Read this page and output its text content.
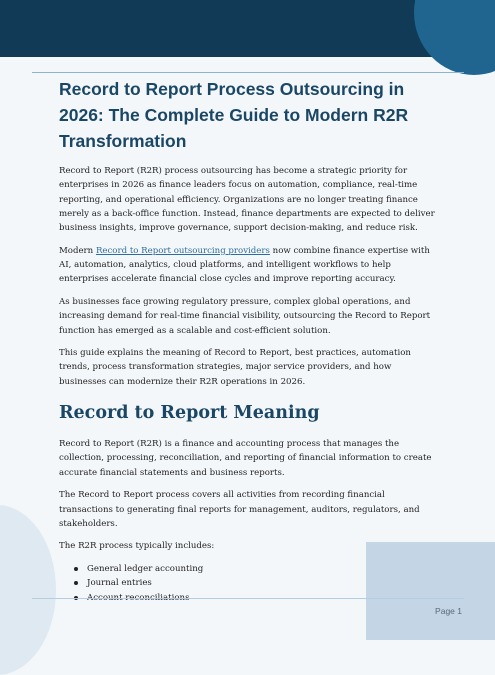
Record to Report Process Outsourcing in 2026: The Complete Guide to Modern R2R Transformation

Record to Report (R2R) process outsourcing has become a strategic priority for enterprises in 2026 as finance leaders focus on automation, compliance, real-time reporting, and operational efficiency. Organizations are no longer treating finance merely as a back-office function. Instead, finance departments are expected to deliver business insights, improve governance, support decision-making, and reduce risk.

Modern Record to Report outsourcing providers now combine finance expertise with AI, automation, analytics, cloud platforms, and intelligent workflows to help enterprises accelerate financial close cycles and improve reporting accuracy.

As businesses face growing regulatory pressure, complex global operations, and increasing demand for real-time financial visibility, outsourcing the Record to Report function has emerged as a scalable and cost-efficient solution.

This guide explains the meaning of Record to Report, best practices, automation trends, process transformation strategies, major service providers, and how businesses can modernize their R2R operations in 2026.

Record to Report Meaning

Record to Report (R2R) is a finance and accounting process that manages the collection, processing, reconciliation, and reporting of financial information to create accurate financial statements and business reports.

The Record to Report process covers all activities from recording financial transactions to generating final reports for management, auditors, regulators, and stakeholders.

The R2R process typically includes:

General ledger accounting
Journal entries
Page 1
